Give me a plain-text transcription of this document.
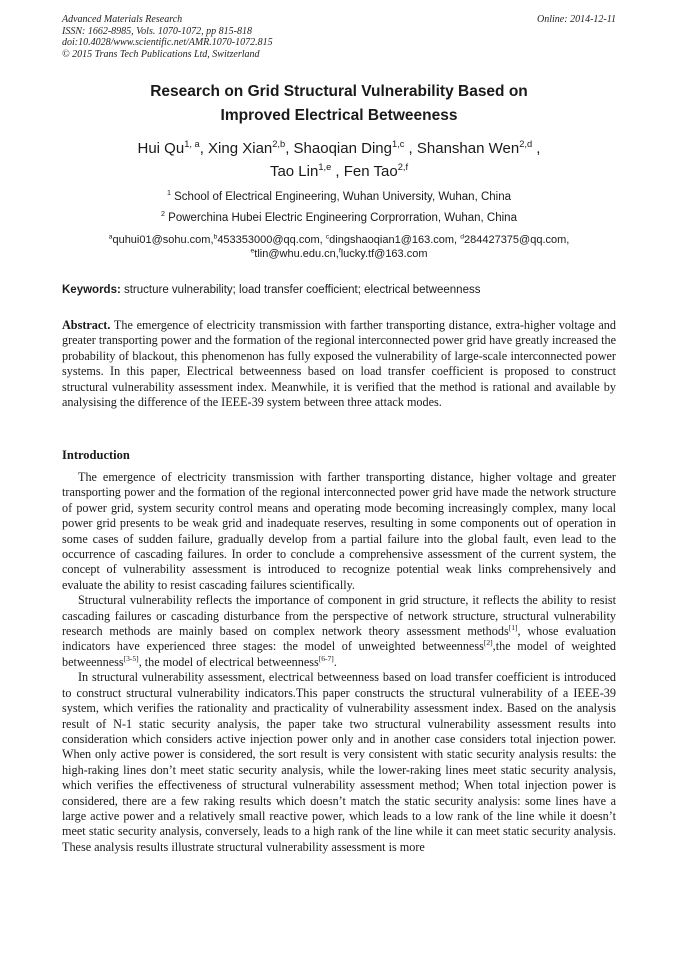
Advanced Materials Research
ISSN: 1662-8985, Vols. 1070-1072, pp 815-818
doi:10.4028/www.scientific.net/AMR.1070-1072.815
© 2015 Trans Tech Publications Ltd, Switzerland
Online: 2014-12-11
Research on Grid Structural Vulnerability Based on
Improved Electrical Betweeness
Hui Qu$^{1, a}$, Xing Xian$^{2,b}$, Shaoqian Ding$^{1,c}$ , Shanshan Wen$^{2,d}$ ,
Tao Lin$^{1,e}$ , Fen Tao$^{2,f}$
$^1$ School of Electrical Engineering, Wuhan University, Wuhan, China
$^2$ Powerchina Hubei Electric Engineering Corprorration, Wuhan, China
$^a$quhui01@sohu.com,$^b$453353000@qq.com, $^c$dingshaoqian1@163.com, $^d$284427375@qq.com,
$^e$tlin@whu.edu.cn,$^f$lucky.tf@163.com
Keywords: structure vulnerability; load transfer coefficient; electrical betweenness
Abstract. The emergence of electricity transmission with farther transporting distance, extra-higher voltage and greater transporting power and the formation of the regional interconnected power grid have greatly increased the probability of blackout, this phenomenon has fully exposed the vulnerability of large-scale interconnected power systems. In this paper, Electrical betweenness based on load transfer coefficient is proposed to construct structural vulnerability assessment index. Meanwhile, it is verified that the method is rational and available by analysising the difference of the IEEE-39 system between three attack modes.
Introduction

The emergence of electricity transmission with farther transporting distance, higher voltage and greater transporting power and the formation of the regional interconnected power grid have made the network structure of power grid, system security control means and operating mode becoming increasingly complex, many local power grid presents to be weak grid and inadequate reserves, resulting in some components out of operation in some cases of sudden failure, gradually develop from a partial failure into the global fault, even lead to the occurrence of cascading failures. In order to conclude a comprehensive assessment of the current system, the concept of vulnerability assessment is introduced to recognize potential weak links comprehensively and evaluate the ability to resist cascading failures scientifically.

Structural vulnerability reflects the importance of component in grid structure, it reflects the ability to resist cascading failures or cascading disturbance from the perspective of network structure, structural vulnerability research methods are mainly based on complex network theory assessment methods[1], whose evaluation indicators have experienced three stages: the model of unweighted betweenness[2],the model of weighted betweenness[3-5], the model of electrical betweenness[6-7].

In structural vulnerability assessment, electrical betweenness based on load transfer coefficient is introduced to construct structural vulnerability indicators.This paper constructs the structural vulnerability of a IEEE-39 system, which verifies the rationality and practicality of vulnerability assessment index. Based on the analysis result of N-1 static security analysis, the paper take two structural vulnerability assessment results into consideration which considers active injection power only and in another case considers total injection power. When only active power is considered, the sort result is very consistent with static security analysis results: the high-raking lines don’t meet static security analysis, while the lower-raking lines meet static security analysis, which verifies the effectiveness of structural vulnerability assessment method; When total injection power is considered, there are a few raking results which doesn’t match the static security analysis: some lines have a large active power and a relatively small reactive power, which leads to a low rank of the line while it doesn’t meet static security analysis, conversely, leads to a high rank of the line while it can meet static security analysis. These analysis results illustrate structural vulnerability assessment is more
